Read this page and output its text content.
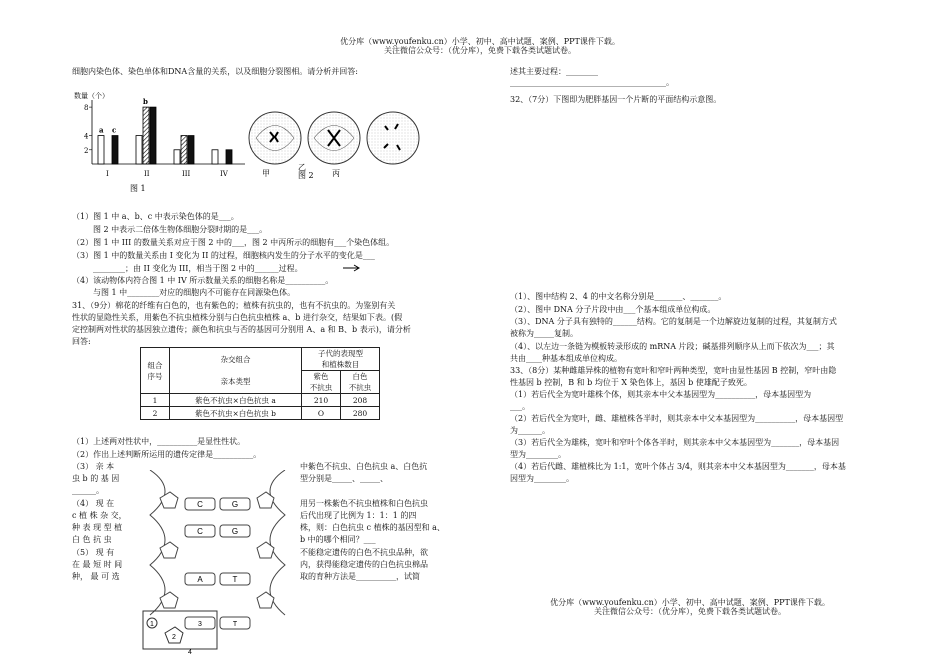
优分库（www.youfenku.cn）小学、初中、高中试题、案例、PPT课件下载。
关注微信公众号：（优分库），免费下载各类试题试卷。
优分库（www.youfenku.cn）小学、初中、高中试题、案例、PPT课件下载。
关注微信公众号：（优分库），免费下载各类试题试卷。
细胞内染色体、染色单体和DNA含量的关系，以及细胞分裂图相。请分析并回答:
数量（个）
图 1
2
4
8
I	II	III	IV
a c
b
甲	图 2
乙
丙
（1）图 1 中 a、b、c 中表示染色体的是___。
图 2 中表示二倍体生物体细胞分裂时期的是___。
（2）图 1 中 III 的数量关系对应于图 2 中的___，图 2 中丙所示的细胞有___个染色体组。
（3）图 1 中的数量关系由 I 变化为 II 的过程，细胞核内发生的分子水平的变化是___
________；由 II 变化为 III，相当于图 2 中的______过程。
（4）该动物体内符合图 1 中 IV 所示数量关系的细胞名称是__________。
与图 1 中________对应的细胞内不可能存在同源染色体。
31、（9分）棉花的纤维有白色的，也有紫色的；植株有抗虫的，也有不抗虫的。为鉴别有关
性状的显隐性关系，用紫色不抗虫植株分别与白色抗虫植株 a、b 进行杂交，结果如下表。(假
定控制两对性状的基因独立遗传；颜色和抗虫与否的基因可分别用 A、a 和 B、b 表示)，请分析
回答:
组合
序号	杂交组合	子代的表现型
和植株数目	
	亲本类型	紫色
不抗虫	白色
不抗虫
1	紫色不抗虫×白色抗虫 a	210	208
2	紫色不抗虫×白色抗虫 b	O	280
（1）上述两对性状中，__________是显性性状。
（2）作出上述判断所运用的遗传定律是__________。
（3） 亲 本
虫 b 的 基 因
______。
（4） 现 在
c 植 株 杂 交，
种 表 现 型 植
白 色 抗 虫
（5） 现 有
在 最 短 时 间
种， 最 可 选
中紫色不抗虫、白色抗虫 a、白色抗
型分别是_____、_____、
用另一株紫色不抗虫植株和白色抗虫
后代出现了比例为 1：1：1 的四
株，则：白色抗虫 c 植株的基因型和 a、
b 中的哪个相同？___
不能稳定遗传的白色不抗虫品种，欲
内，获得能稳定遗传的白色抗虫棉品
取的育种方法是__________，试简
C	G
C	G
A	T
1
2
3	T
4
述其主要过程：________
_______________________________________。
32、（7分）下图即为肥胖基因一个片断的平面结构示意图。
（1）、图中结构 2、4 的中文名称分别是_______、_______。
（2）、图中 DNA 分子片段中由___个基本组成单位构成。
（3）、DNA 分子具有独特的______结构。它的复制是一个边解旋边复制的过程，其复制方式
被称为_____复制。
（4）、以左边一条链为模板转录形成的 mRNA 片段；碱基排列顺序从上而下依次为___；其
共由____种基本组成单位构成。
33、（8分）某种雌雄异株的植物有宽叶和窄叶两种类型，宽叶由显性基因 B 控制，窄叶由隐
性基因 b 控制，B 和 b 均位于 X 染色体上，基因 b 使雄配子致死。
（1）若后代全为宽叶雄株个体，则其亲本中父本基因型为__________，母本基因型为
___。
（2）若后代全为宽叶，雌、雄植株各半时，则其亲本中父本基因型为__________，母本基因型
为______。
（3）若后代全为雄株，宽叶和窄叶个体各半时，则其亲本中父本基因型为_______，母本基因
型为________。
（4）若后代雌、雄植株比为 1:1，宽叶个体占 3/4，则其亲本中父本基因型为_______，母本基
因型为________。
